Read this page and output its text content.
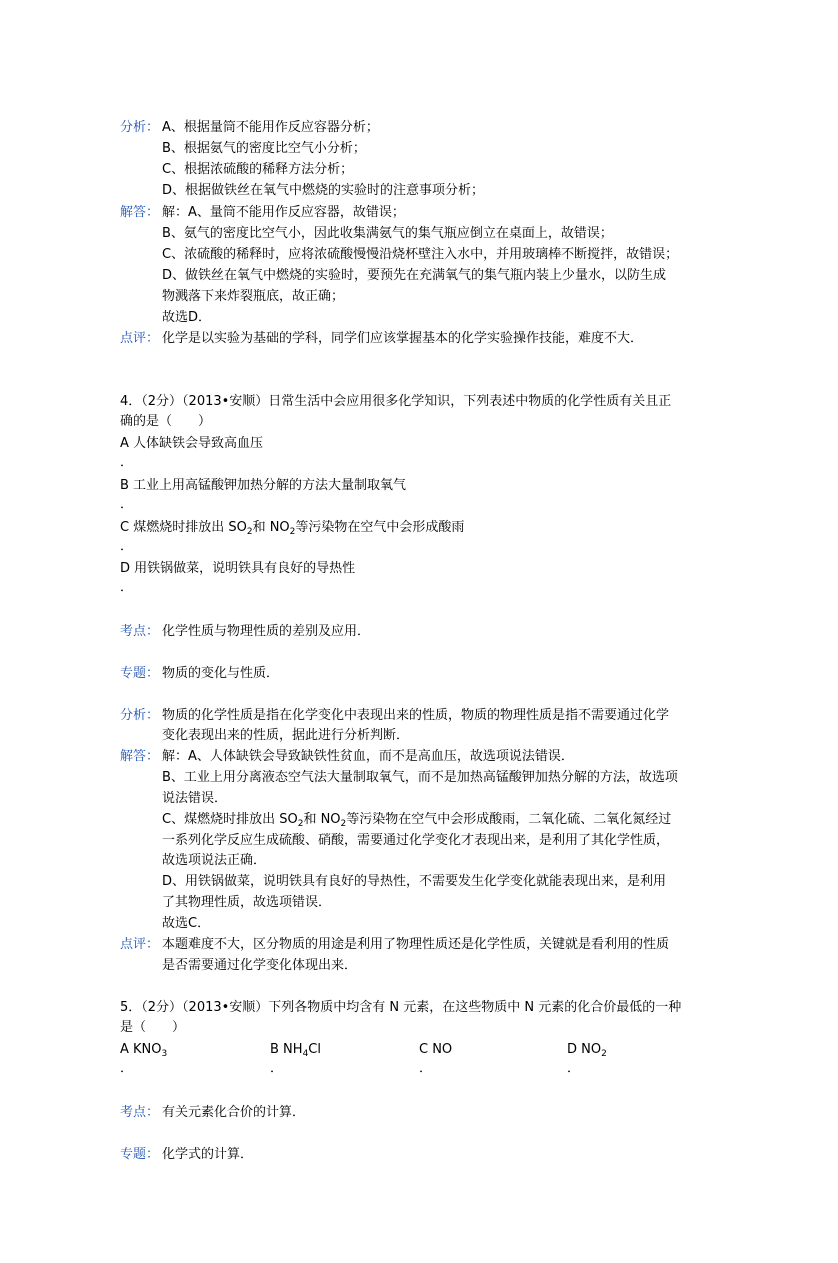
分析： A、根据量筒不能用作反应容器分析；
B、根据氨气的密度比空气小分析；
C、根据浓硫酸的稀释方法分析；
D、根据做铁丝在氧气中燃烧的实验时的注意事项分析；
解答： 解：A、量筒不能用作反应容器，故错误；
B、氨气的密度比空气小，因此收集满氨气的集气瓶应倒立在桌面上，故错误；
C、浓硫酸的稀释时，应将浓硫酸慢慢沿烧杯壁注入水中，并用玻璃棒不断搅拌，故错误；
D、做铁丝在氧气中燃烧的实验时，要预先在充满氧气的集气瓶内装上少量水，以防生成
物溅落下来炸裂瓶底，故正确；
故选D．
点评： 化学是以实验为基础的学科，同学们应该掌握基本的化学实验操作技能，难度不大．
4．（2分）（2013•安顺）日常生活中会应用很多化学知识，下列表述中物质的化学性质有关且正
确的是（　　）
A 人体缺铁会导致高血压
．
B 工业上用高锰酸钾加热分解的方法大量制取氧气
．
C 煤燃烧时排放出 $SO_2$和 $NO_2$等污染物在空气中会形成酸雨
．
D 用铁锅做菜，说明铁具有良好的导热性
．
考点： 化学性质与物理性质的差别及应用．
专题： 物质的变化与性质．
分析： 物质的化学性质是指在化学变化中表现出来的性质，物质的物理性质是指不需要通过化学
变化表现出来的性质，据此进行分析判断．
解答： 解：A、人体缺铁会导致缺铁性贫血，而不是高血压，故选项说法错误．
B、工业上用分离液态空气法大量制取氧气，而不是加热高锰酸钾加热分解的方法，故选项
说法错误．
C、煤燃烧时排放出 $SO_2$和 $NO_2$等污染物在空气中会形成酸雨，二氧化硫、二氧化氮经过
一系列化学反应生成硫酸、硝酸，需要通过化学变化才表现出来，是利用了其化学性质，
故选项说法正确．
D、用铁锅做菜，说明铁具有良好的导热性，不需要发生化学变化就能表现出来，是利用
了其物理性质，故选项错误．
故选C．
点评： 本题难度不大，区分物质的用途是利用了物理性质还是化学性质，关键就是看利用的性质
是否需要通过化学变化体现出来．
5．（2分）（2013•安顺）下列各物质中均含有 N 元素，在这些物质中 N 元素的化合价最低的一种
是（　　）
A $KNO_3$	B $NH_4Cl$	C NO	D $NO_2$
．	．	．	．
考点： 有关元素化合价的计算．
专题： 化学式的计算．
